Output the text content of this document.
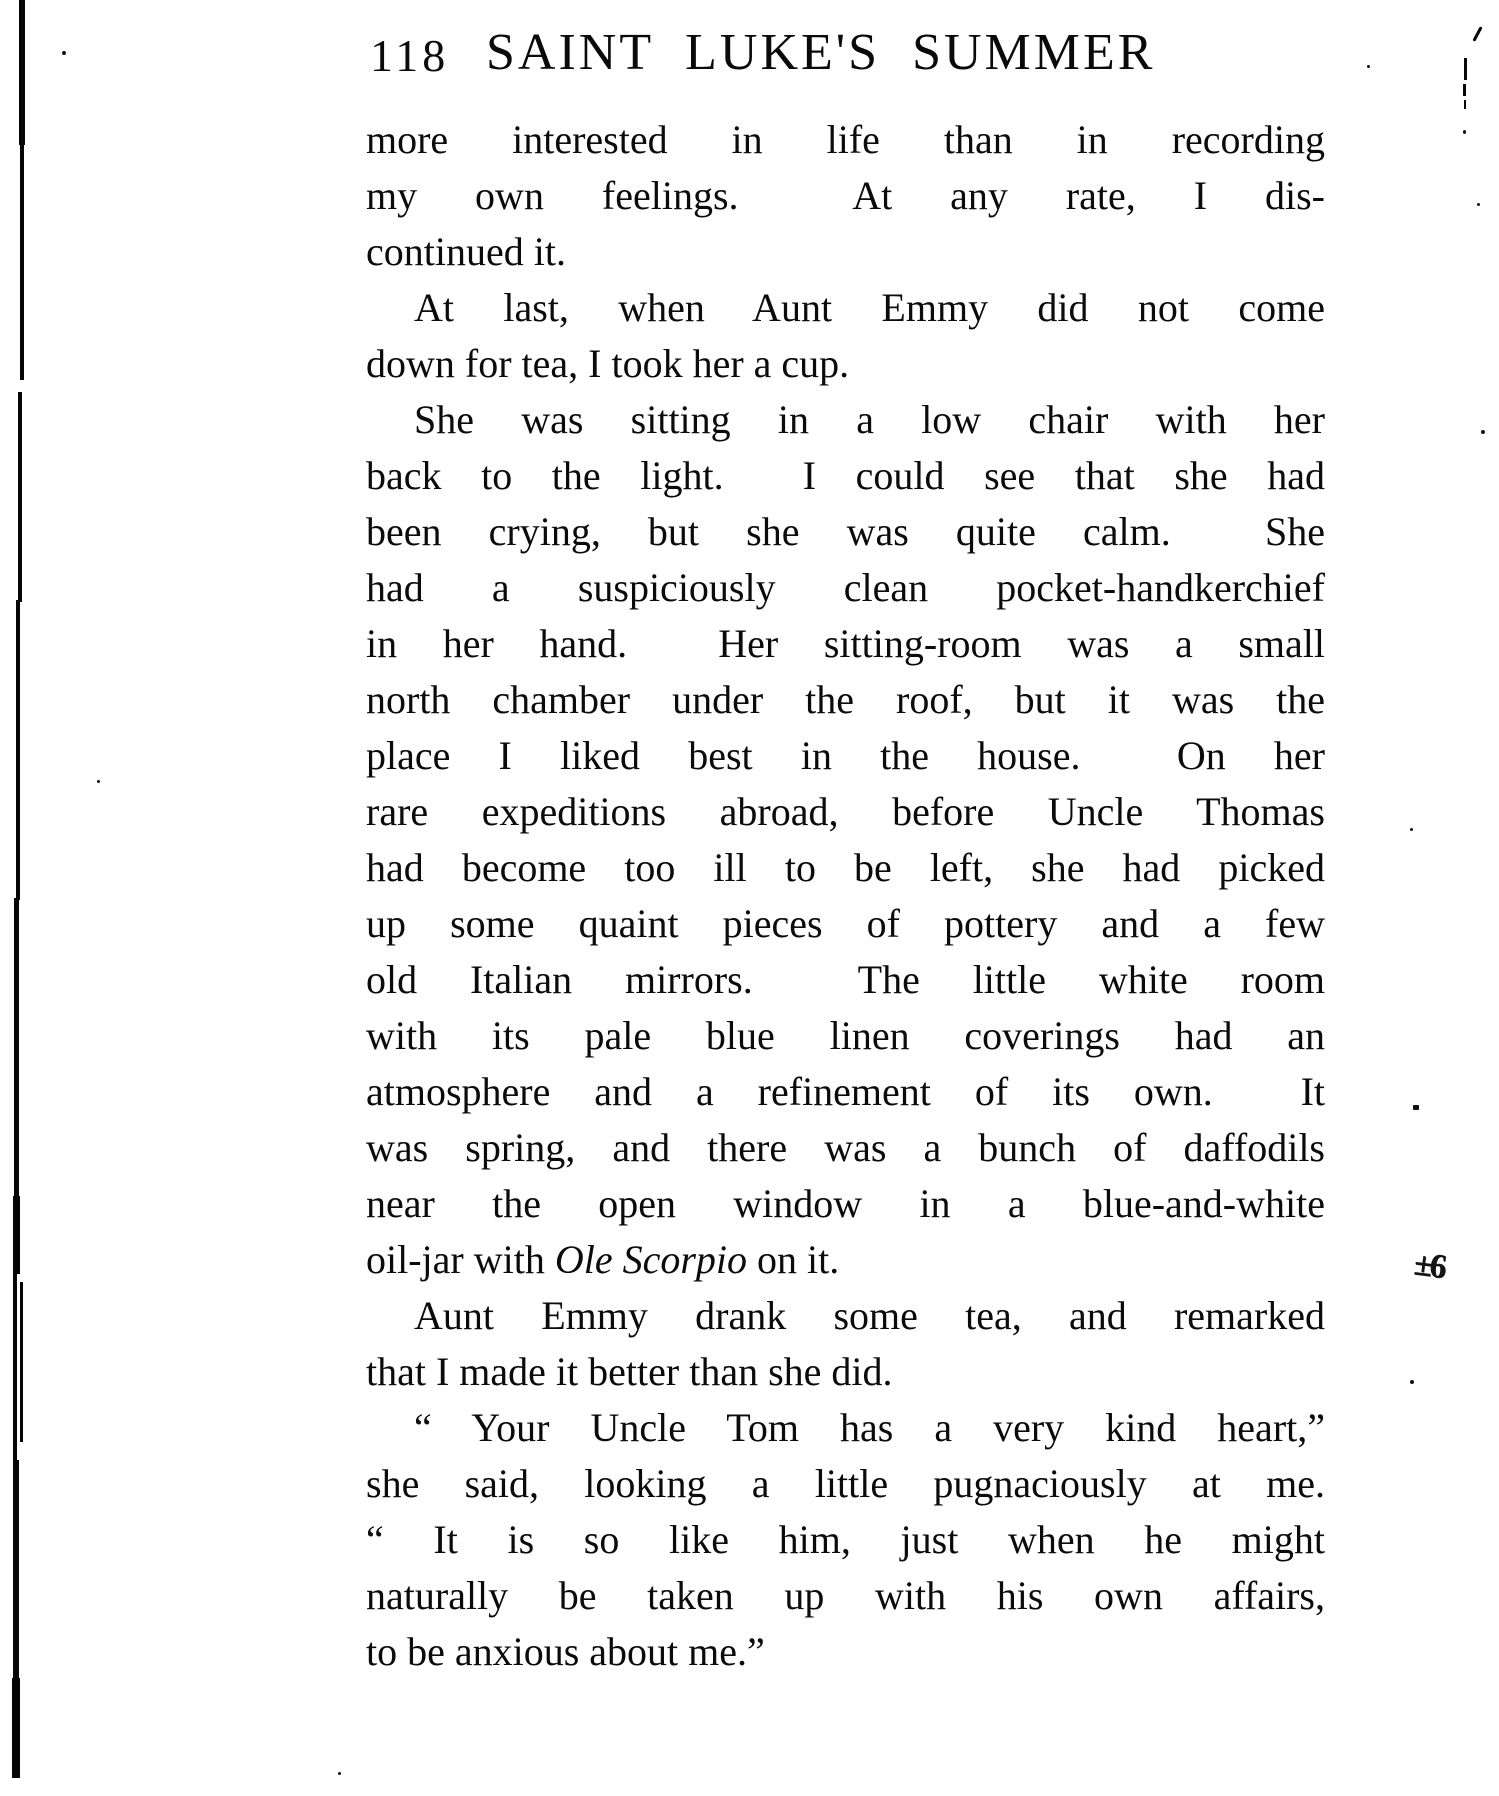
118 SAINT LUKE'S SUMMER
more interested in life than in recording
my own feelings.  At any rate, I dis-
continued it.
At last, when Aunt Emmy did not come
down for tea, I took her a cup.
She was sitting in a low chair with her
back to the light.  I could see that she had
been crying, but she was quite calm.  She
had a suspiciously clean pocket-handkerchief
in her hand.  Her sitting-room was a small
north chamber under the roof, but it was the
place I liked best in the house.  On her
rare expeditions abroad, before Uncle Thomas
had become too ill to be left, she had picked
up some quaint pieces of pottery and a few
old Italian mirrors.  The little white room
with its pale blue linen coverings had an
atmosphere and a refinement of its own.  It
was spring, and there was a bunch of daffodils
near the open window in a blue-and-white
oil-jar with Ole Scorpio on it.
Aunt Emmy drank some tea, and remarked
that I made it better than she did.
“ Your Uncle Tom has a very kind heart,”
she said, looking a little pugnaciously at me.
“ It is so like him, just when he might
naturally be taken up with his own affairs,
to be anxious about me.”
±6
